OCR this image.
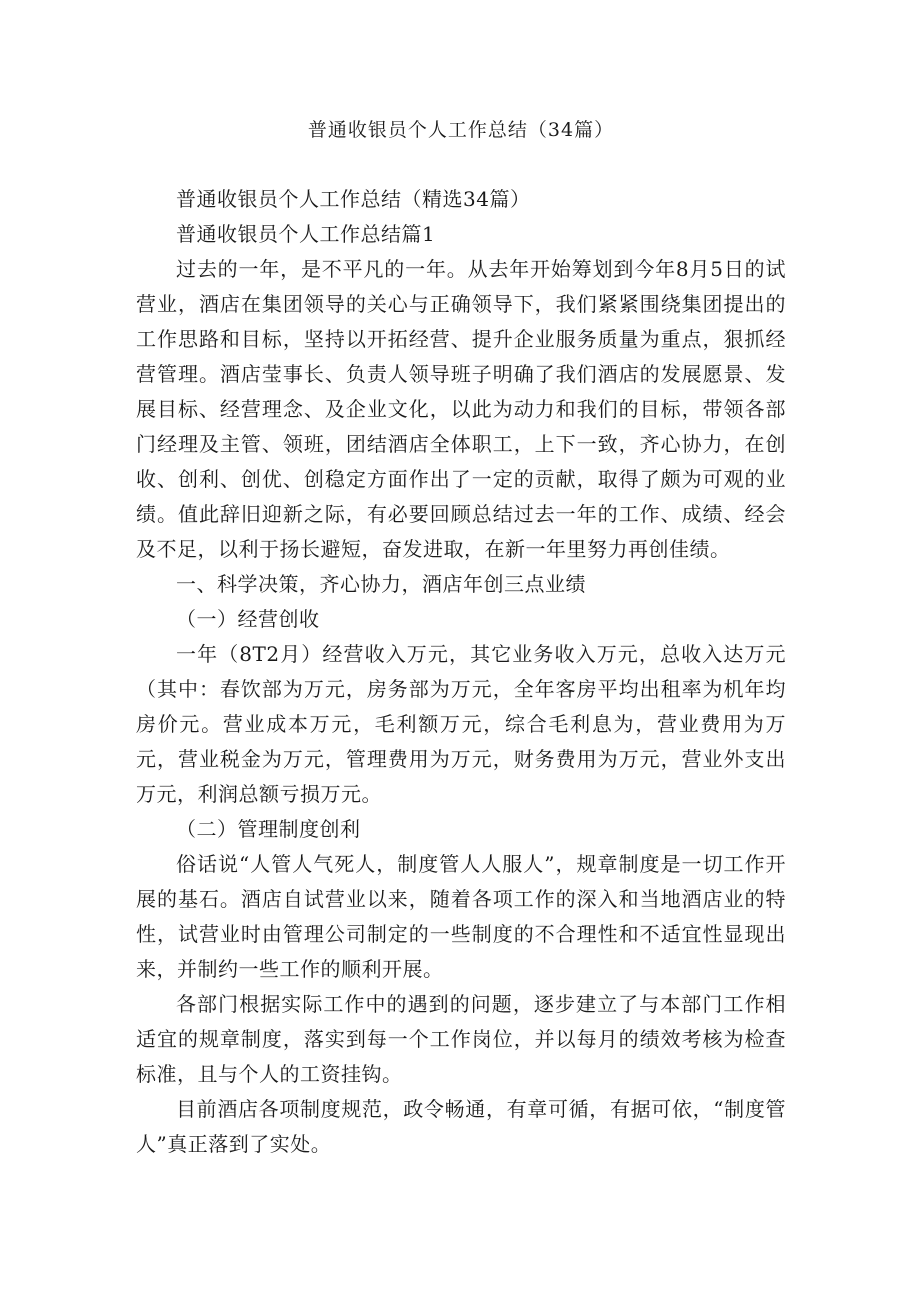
普通收银员个人工作总结（34篇）

普通收银员个人工作总结（精选34篇）

普通收银员个人工作总结篇1

过去的一年，是不平凡的一年。从去年开始筹划到今年8月5日的试营业，酒店在集团领导的关心与正确领导下，我们紧紧围绕集团提出的工作思路和目标，坚持以开拓经营、提升企业服务质量为重点，狠抓经营管理。酒店莹事长、负责人领导班子明确了我们酒店的发展愿景、发展目标、经营理念、及企业文化，以此为动力和我们的目标，带领各部门经理及主管、领班，团结酒店全体职工，上下一致，齐心协力，在创收、创利、创优、创稳定方面作出了一定的贡献，取得了颇为可观的业绩。值此辞旧迎新之际，有必要回顾总结过去一年的工作、成绩、经会及不足，以利于扬长避短，奋发进取，在新一年里努力再创佳绩。

一、科学决策，齐心协力，酒店年创三点业绩

（一）经营创收

一年（8T2月）经营收入万元，其它业务收入万元，总收入达万元（其中：春饮部为万元，房务部为万元，全年客房平均出租率为机年均房价元。营业成本万元，毛利额万元，综合毛利息为，营业费用为万元，营业税金为万元，管理费用为万元，财务费用为万元，营业外支出万元，利润总额亏损万元。

（二）管理制度创利

俗话说“人管人气死人，制度管人人服人”，规章制度是一切工作开展的基石。酒店自试营业以来，随着各项工作的深入和当地酒店业的特性，试营业时由管理公司制定的一些制度的不合理性和不适宜性显现出来，并制约一些工作的顺利开展。

各部门根据实际工作中的遇到的问题，逐步建立了与本部门工作相适宜的规章制度，落实到每一个工作岗位，并以每月的绩效考核为检查标准，且与个人的工资挂钩。

目前酒店各项制度规范，政令畅通，有章可循，有据可依，“制度管人”真正落到了实处。
